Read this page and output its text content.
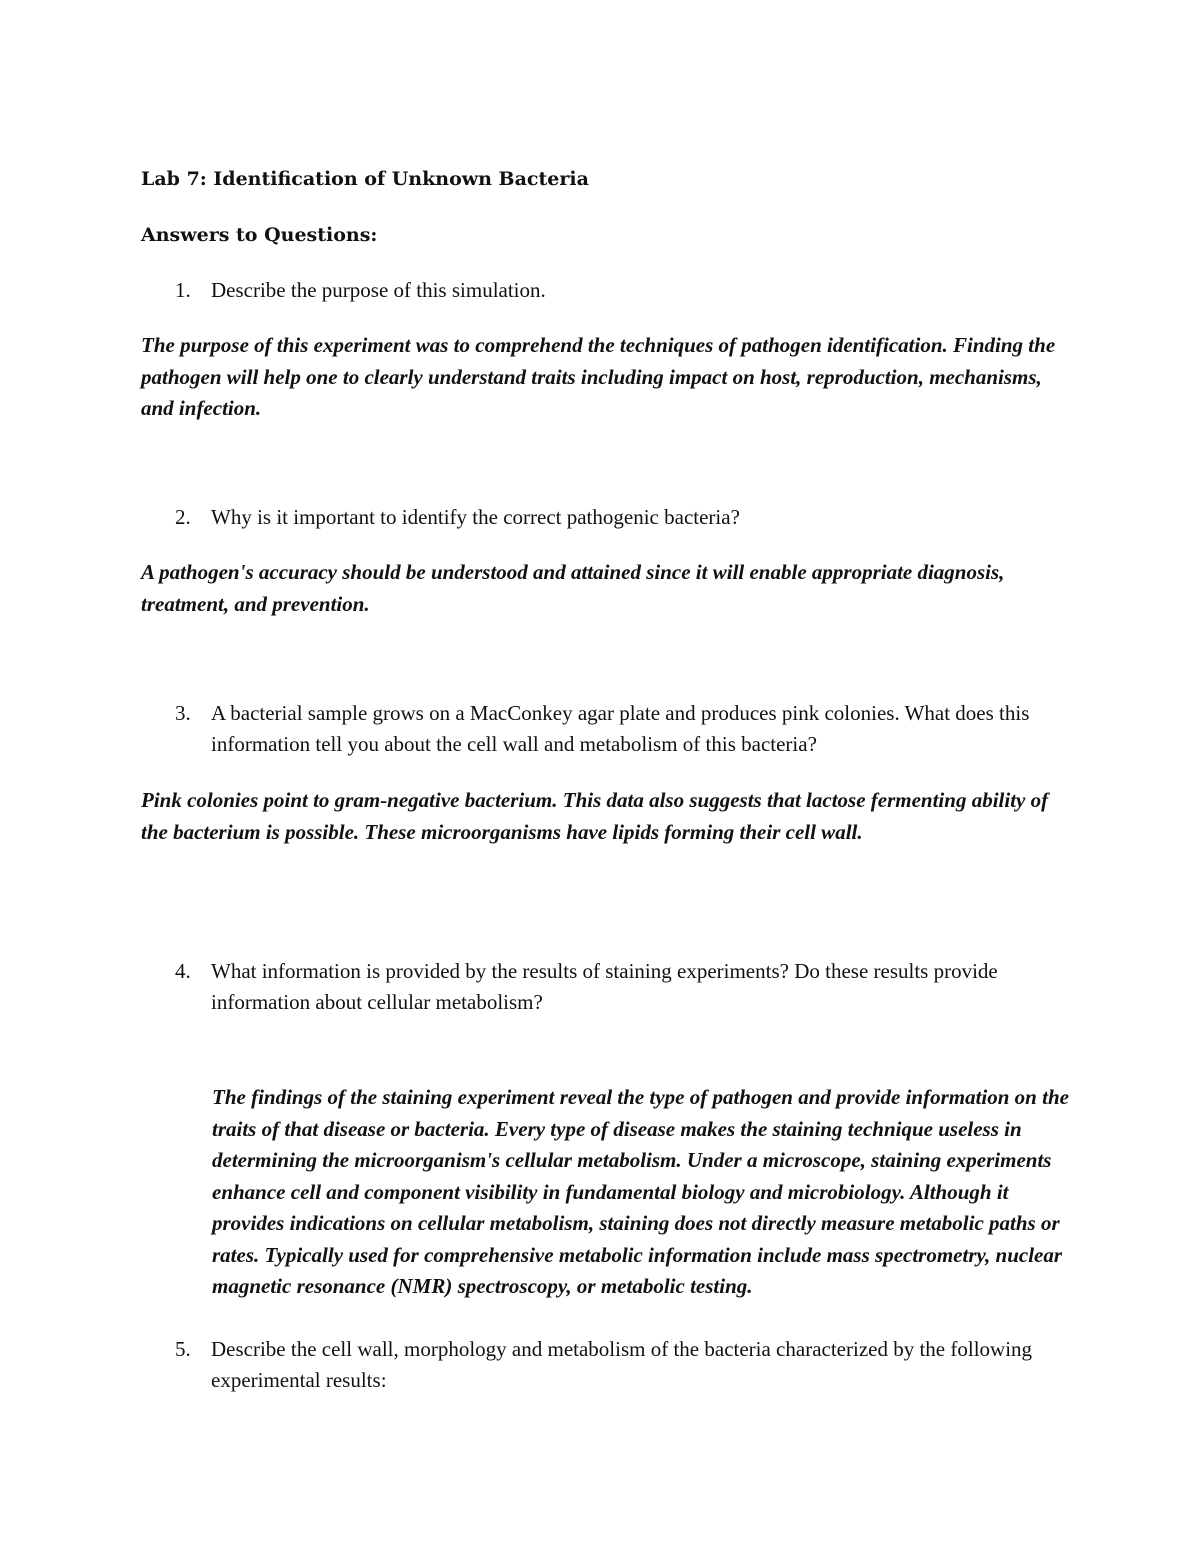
Lab 7: Identification of Unknown Bacteria
Answers to Questions:
1. Describe the purpose of this simulation.

The purpose of this experiment was to comprehend the techniques of pathogen identification. Finding the pathogen will help one to clearly understand traits including impact on host, reproduction, mechanisms, and infection.

2. Why is it important to identify the correct pathogenic bacteria?

A pathogen's accuracy should be understood and attained since it will enable appropriate diagnosis, treatment, and prevention.

3. A bacterial sample grows on a MacConkey agar plate and produces pink colonies. What does this information tell you about the cell wall and metabolism of this bacteria?

Pink colonies point to gram-negative bacterium. This data also suggests that lactose fermenting ability of the bacterium is possible. These microorganisms have lipids forming their cell wall.

4. What information is provided by the results of staining experiments? Do these results provide information about cellular metabolism?

The findings of the staining experiment reveal the type of pathogen and provide information on the traits of that disease or bacteria. Every type of disease makes the staining technique useless in determining the microorganism's cellular metabolism. Under a microscope, staining experiments enhance cell and component visibility in fundamental biology and microbiology. Although it provides indications on cellular metabolism, staining does not directly measure metabolic paths or rates. Typically used for comprehensive metabolic information include mass spectrometry, nuclear magnetic resonance (NMR) spectroscopy, or metabolic testing.

5. Describe the cell wall, morphology and metabolism of the bacteria characterized by the following experimental results:
